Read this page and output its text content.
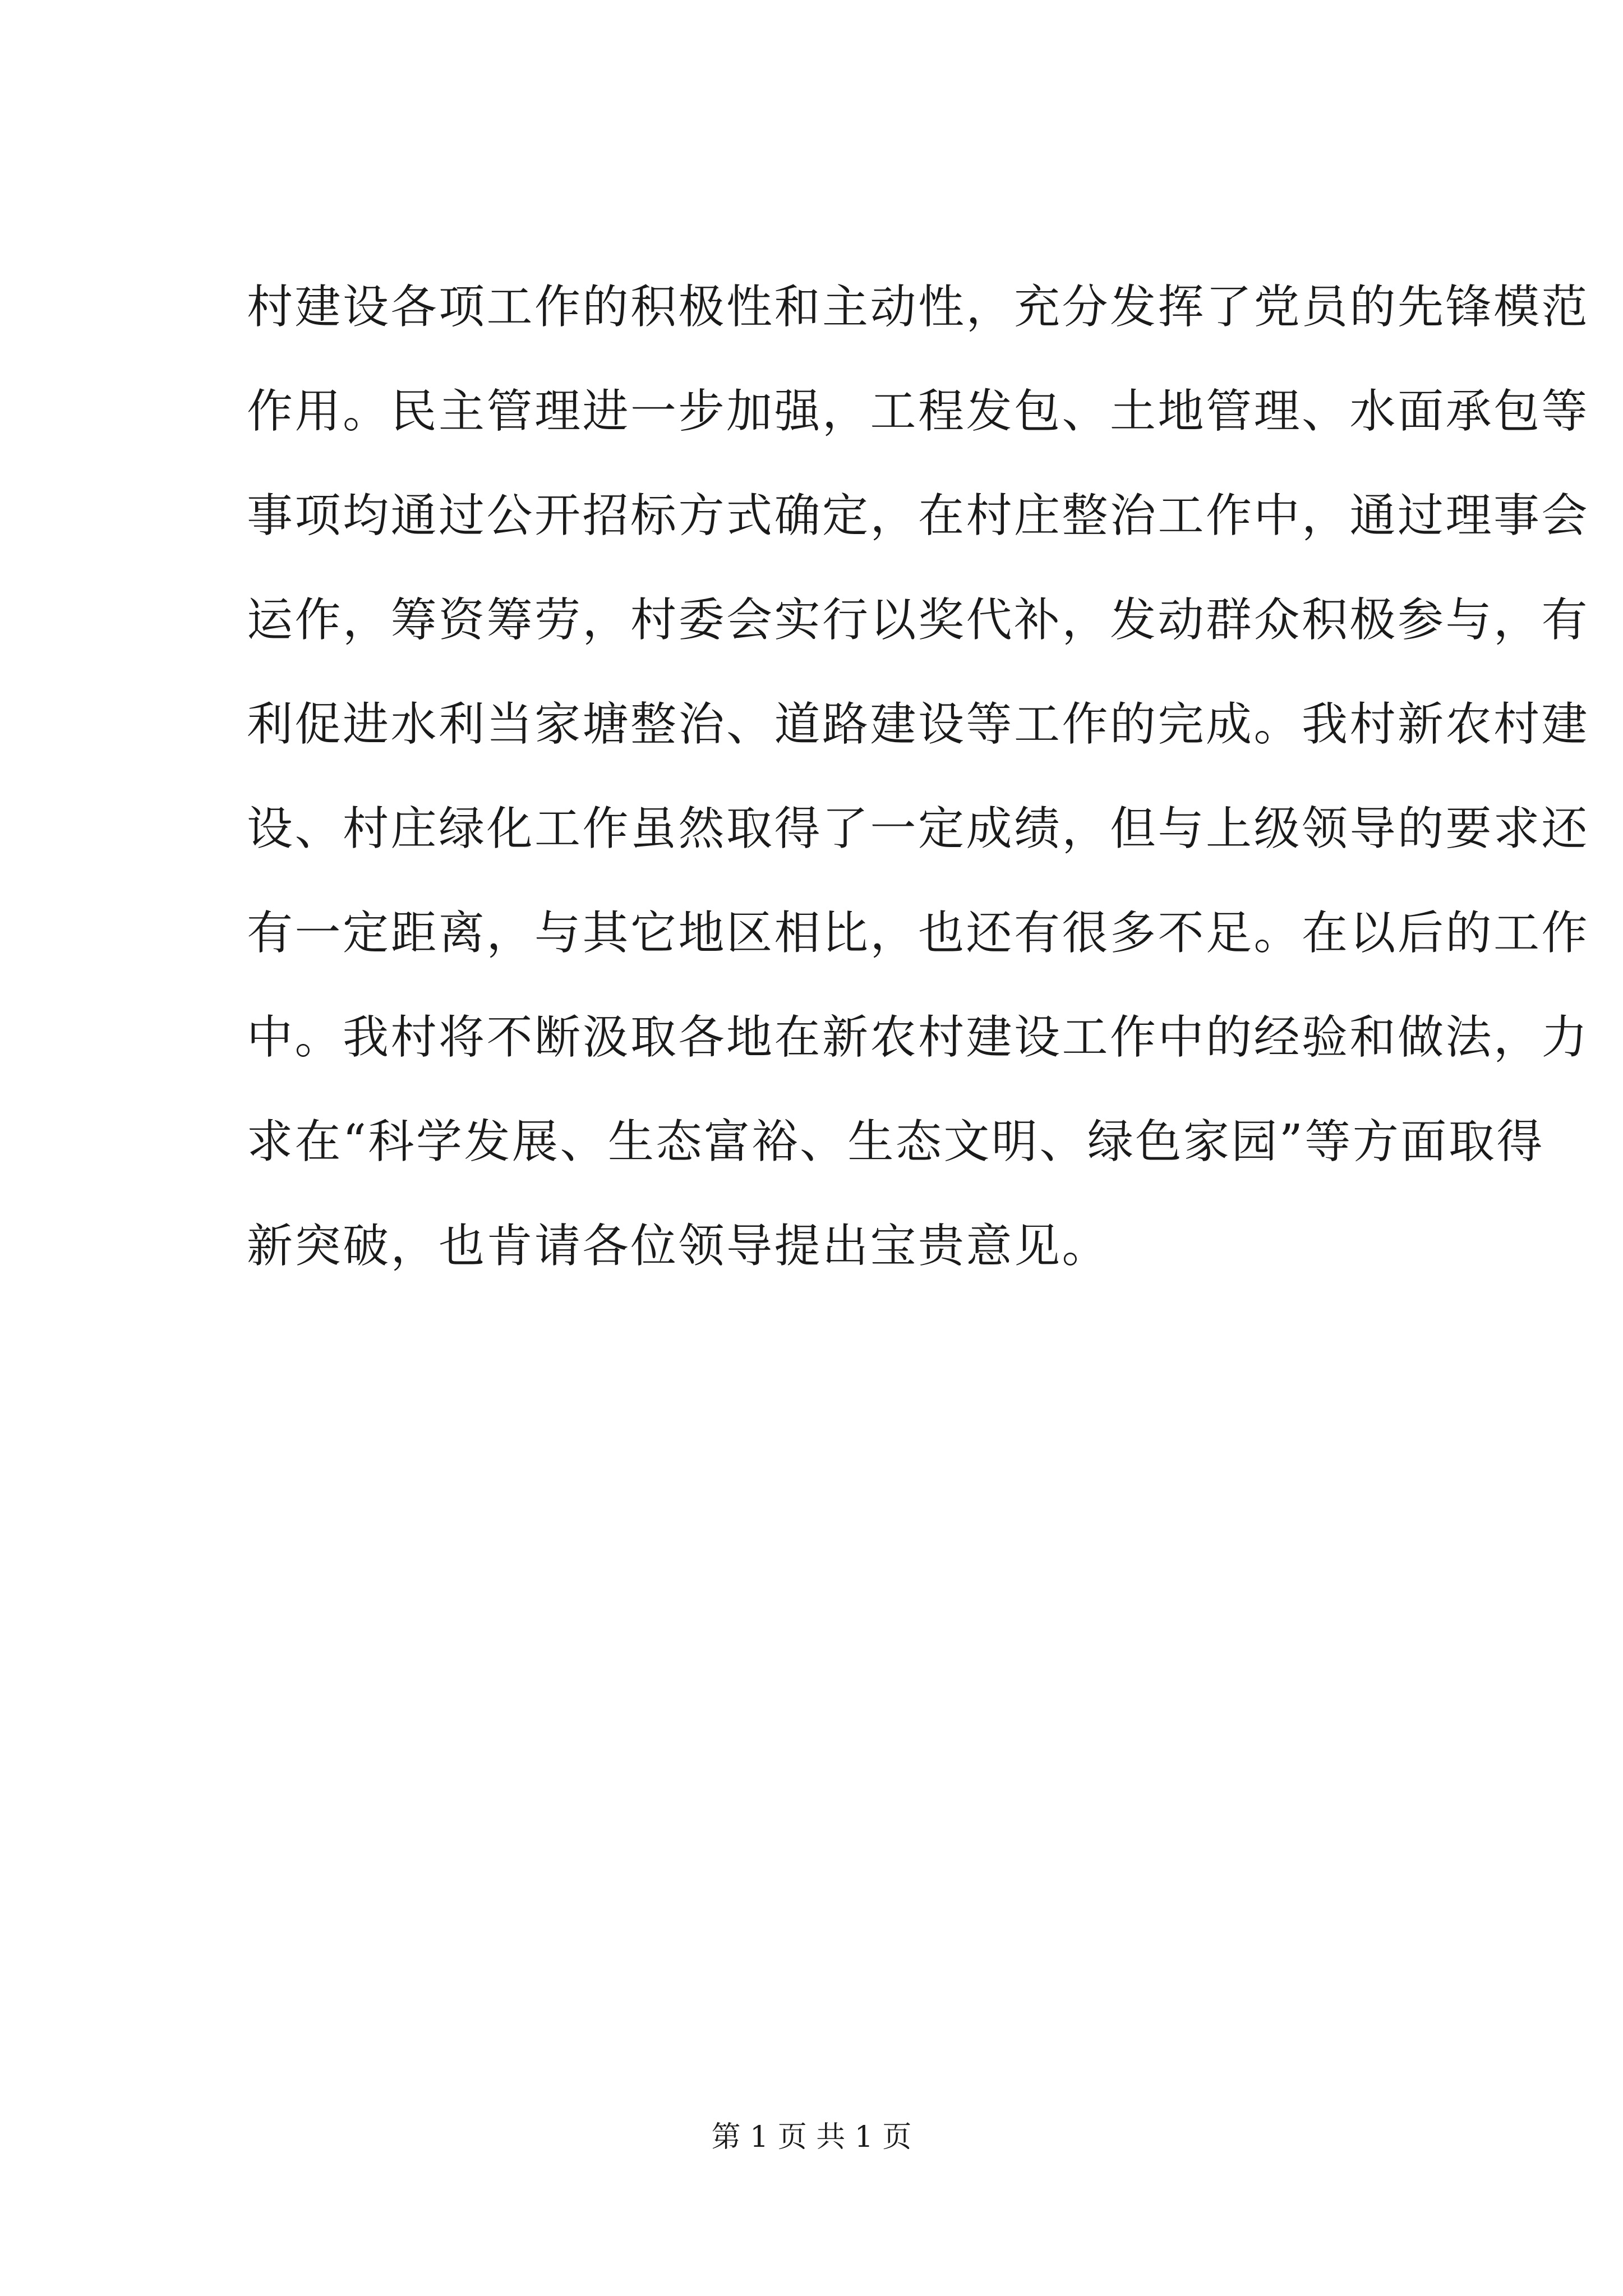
村建设各项工作的积极性和主动性，充分发挥了党员的先锋模范
作用。民主管理进一步加强，工程发包、土地管理、水面承包等
事项均通过公开招标方式确定，在村庄整治工作中，通过理事会
运作，筹资筹劳，村委会实行以奖代补，发动群众积极参与，有
利促进水利当家塘整治、道路建设等工作的完成。我村新农村建
设、村庄绿化工作虽然取得了一定成绩，但与上级领导的要求还
有一定距离，与其它地区相比，也还有很多不足。在以后的工作
中。我村将不断汲取各地在新农村建设工作中的经验和做法，力
求在“科学发展、生态富裕、生态文明、绿色家园”等方面取得
新突破，也肯请各位领导提出宝贵意见。
第 1 页 共 1 页
